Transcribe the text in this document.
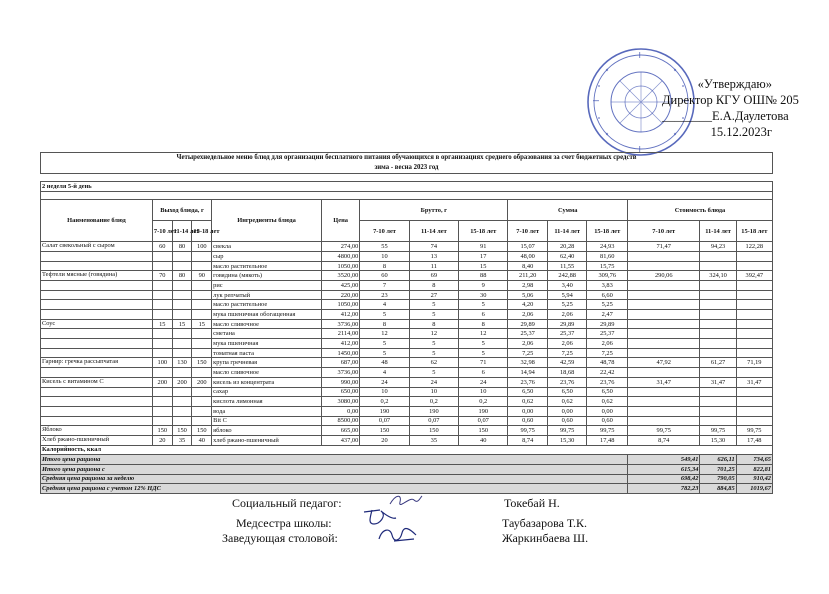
«Утверждаю»
Директор КГУ ОШ№ 205
________Е.А.Даулетова
15.12.2023г
Четырехнедельное меню блюд для организации бесплатного питания обучающихся в организациях среднего образования за счет бюджетных средств														
зима - весна 2023 год														

2 неделя 5-й день														

Наименование блюд	Выход блюда, г			Ингредиенты блюда	Цена	Брутто, г			Сумма			Стоимость блюда		
	7-10 лет	11-14 лет	15-18 лет			7-10 лет	11-14 лет	15-18 лет	7-10 лет	11-14 лет	15-18 лет	7-10 лет	11-14 лет	15-18 лет
Салат свекольный с сыром	60	80	100	свекла	274,00	55	74	91	15,07	20,28	24,93	71,47	94,23	122,28
				сыр	4800,00	10	13	17	48,00	62,40	81,60			
				масло растительное	1050,00	8	11	15	8,40	11,55	15,75			
Тефтели мясные (говядина)	70	80	90	говядина (мякоть)	3520,00	60	69	88	211,20	242,88	309,76	290,06	324,10	392,47
				рис	425,00	7	8	9	2,98	3,40	3,83			
				лук репчатый	220,00	23	27	30	5,06	5,94	6,60			
				масло растительное	1050,00	4	5	5	4,20	5,25	5,25			
				мука пшеничная обогащенная	412,00	5	5	6	2,06	2,06	2,47			
Соус	15	15	15	масло сливочное	3736,00	8	8	8	29,89	29,89	29,89			
				сметана	2114,00	12	12	12	25,37	25,37	25,37			
				мука пшеничная	412,00	5	5	5	2,06	2,06	2,06			
				томатная паста	1450,00	5	5	5	7,25	7,25	7,25			
Гарнир: гречка рассыпчатая	100	130	150	крупа гречневая	687,00	48	62	71	32,98	42,59	48,78	47,92	61,27	71,19
				масло сливочное	3736,00	4	5	6	14,94	18,68	22,42			
Кисель с витамином С	200	200	200	кисель из концентрата	990,00	24	24	24	23,76	23,76	23,76	31,47	31,47	31,47
				сахар	650,00	10	10	10	6,50	6,50	6,50			
				кислота лимонная	3080,00	0,2	0,2	0,2	0,62	0,62	0,62			
				вода	0,00	190	190	190	0,00	0,00	0,00			
				Вit C	8500,00	0,07	0,07	0,07	0,60	0,60	0,60			
Яблоко	150	150	150	яблоко	665,00	150	150	150	99,75	99,75	99,75	99,75	99,75	99,75
Хлеб ржано-пшеничный	20	35	40	хлеб ржано-пшеничный	437,00	20	35	40	8,74	15,30	17,48	8,74	15,30	17,48
Калорийность, ккал														
Итого цена рациона												549,41	626,11	734,65
Итого цена рациона с												615,34	701,25	822,81
Средняя цена рациона за неделю												698,42	790,05	910,42
Средняя цена рациона с учетом 12% НДС												782,23	884,85	1019,67
Социальный педагог:	Токебай Н.
Медсестра школы:	Таубазарова Т.К.
Заведующая столовой:	Жаркинбаева Ш.
